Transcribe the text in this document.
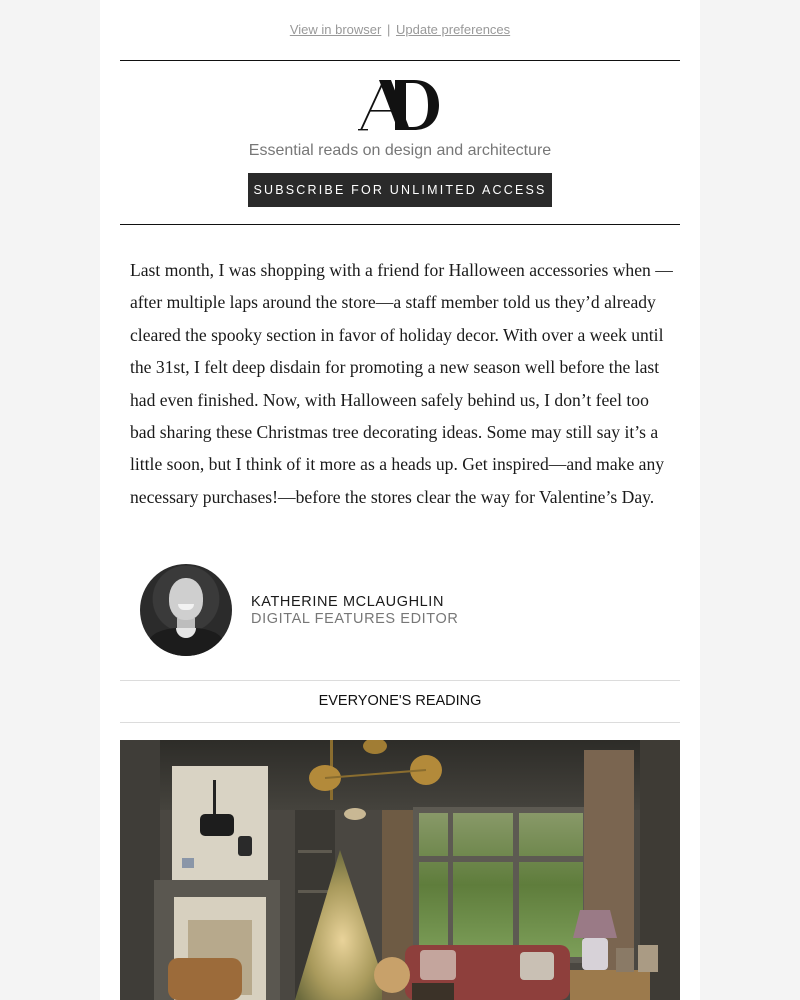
View in browser | Update preferences
Essential reads on design and architecture
SUBSCRIBE FOR UNLIMITED ACCESS

Last month, I was shopping with a friend for Halloween accessories when —after multiple laps around the store—a staff member told us they’d already cleared the spooky section in favor of holiday decor. With over a week until the 31st, I felt deep disdain for promoting a new season well before the last had even finished. Now, with Halloween safely behind us, I don’t feel too bad sharing these Christmas tree decorating ideas. Some may still say it’s a little soon, but I think of it more as a heads up. Get inspired—and make any necessary purchases!—before the stores clear the way for Valentine’s Day.

KATHERINE MCLAUGHLIN
DIGITAL FEATURES EDITOR
EVERYONE'S READING
